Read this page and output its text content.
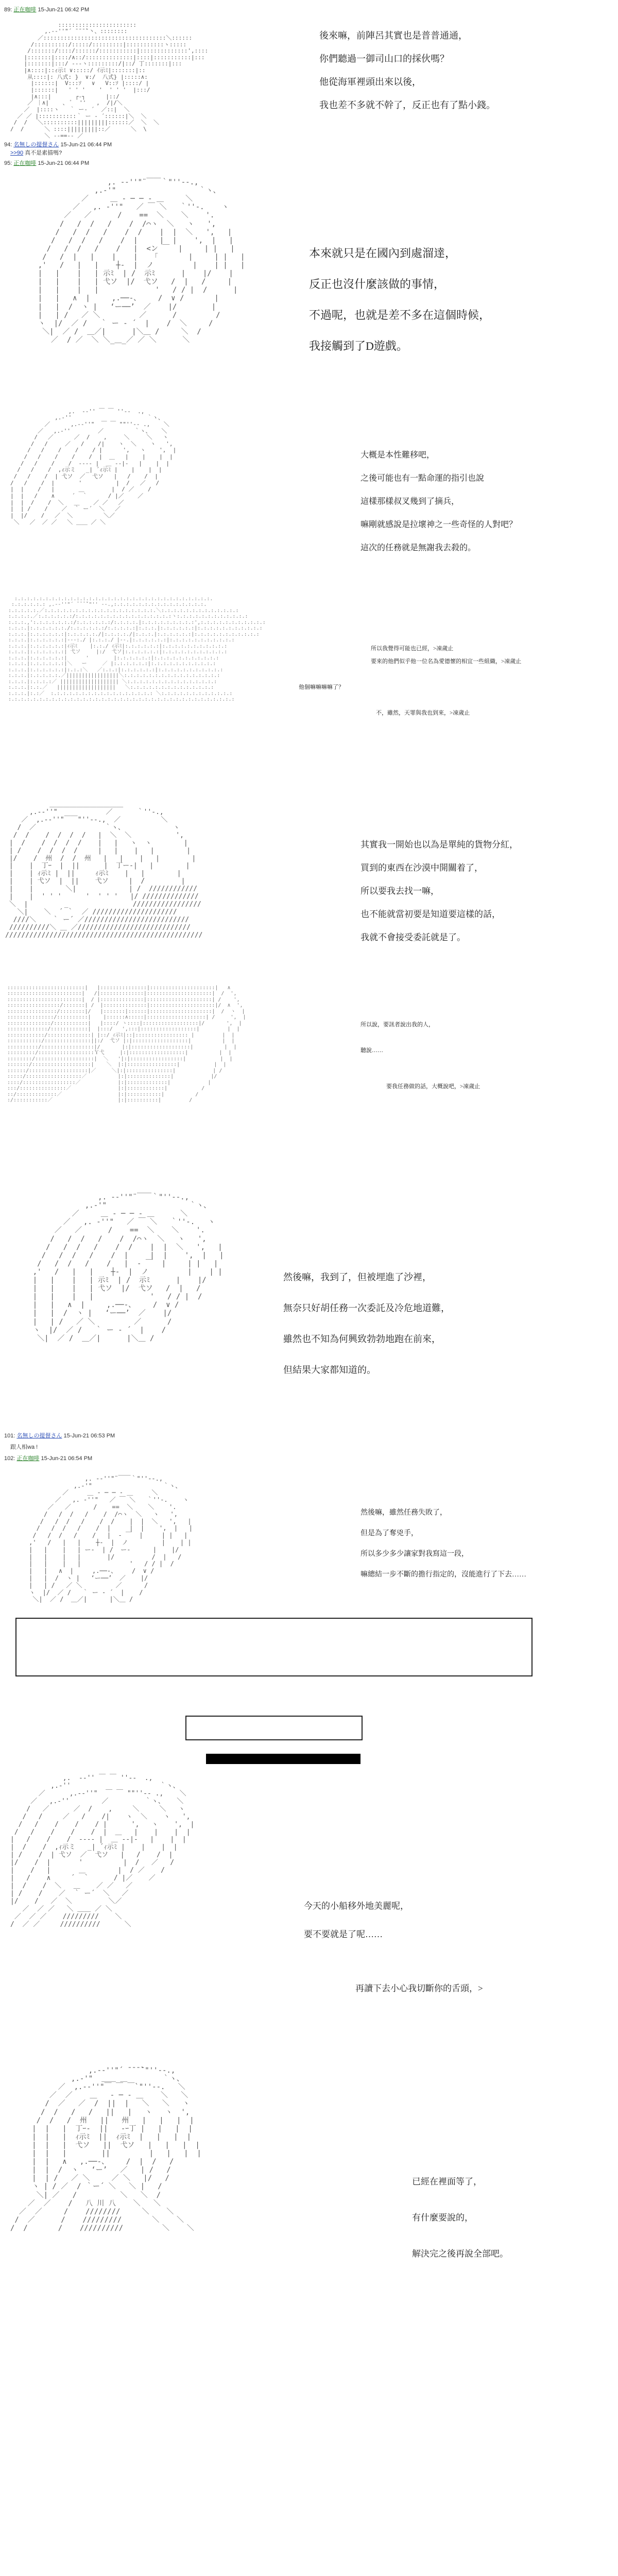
89: 正在咖啡 15-Jun-21 06:42 PM

:::::::::::::::::::::::
,.-‐''"´ ̄ ̄ ̄ ̄`丶、::::::::
／::::::::::::::::::::::::::::::::::::＼::::::
/::::::::::/:::::/:::::::::|:::::::::::ヽ:::::
/:::::::/::::/::::::/:::::::::::|::::::::::::::',::::
|:::::::|::::/∧::/::::::::::::::|::::|:::::::::::|:::
|:::::::|:::/ ‐-‐ヽ:::::::::/|::/ 丁:::::::|:::
|∧::::|::ｨ示ﾐ ∨:::::/ ｲ示ﾐ|:::::::|::
从::::|: 八式: }  ∨:/  八式} |:::::∧:
|::::::|  V:::ｿ   ∨   V::ｿ |::::/ |
|::::::|   ' ' '    '  ' ' '  |:::/
|∧:::|       ┌‐┐      |::/
／ ｜∧|    、 ﾞ  ''   ,  /|/＼
／  |::::ヽ   ｀ ー‐ ´  ／::|  ＼
／ ／ |:::::::::::｀ ー ‐ ´::::::|＼  ＼
/  /   ＼::::::::::|||||||||::::::／  ＼  ＼
/  /      ＼ ::::|||||||||::／      ＼  \
＼ ‐‐==‐‐ ／

後來嘛，前陣呂其實也是普普通通，
你們聽過一御司山口的採伙嗎？
他從海軍裡頭出來以後，
我也差不多就不幹了，反正也有了點小錢。
94: 名無しの提督さん 15-Jun-21 06:44 PM
>>90 真不是素描嗎?
95: 正在咖啡 15-Jun-21 06:44 PM

,. -‐''"¨￣￣｀"''‐-.,
,.‐'"                   ｀ヽ、
／     ＿ ‐ ─ ─ ‐ ＿     ＼
／   ,. ‐''"   ／ ￣ ＼   ｀''‐.    ヽ
／   ／      /    ==  ＼    ＼    '.
/   /  /   /    /  /⌒ヽ  ＼   ヽ   ',
/   /  /   /    /  /    |  |  ＼   ',   |
/   /  /   /    /  |     |  |    ',  |   |
/   /  /   /    /   |  <ン ￣  |     | |   |
/   /  |   |    |    |   「       |     | |   |
,'   /   |   |    ┼‐  |  ノ         |    | |   |
|   |    |   | 示ﾐ  | /  示ﾐ      |    |/    |
|   |    |   | 弋ソ  |/  弋ソ   /  |   /     |
|   |    |   |             '   / / |  /      |
|   |   ∧  |     ,.──‐、    /  ∨ /       |
|   |  /  ヽ |   ‘ー──’  ／    |/        |
|   | /   ／ ＼         ／      /         /
ヽ  |/  ／ /   ｀ ー ‐ ´  |    /  ＼     /
＼|  ／ /  ＿／|      |＼＿ /     ＼  /
／  / ／  ＼ ＼_＿_／ ／ ＼      ＼

本來就只是在國內到處溜達，
反正也沒什麼該做的事情，
不過呢，也就是差不多在這個時候，
我接觸到了D遊戲。

,.  -‐'' ￣ ￣ ''‐-  .,
,.‐''                      ｀ヽ、
／      ,.-‐''"  ￣ ￣ ""''‐- .,    ＼
／   ,.‐''        ／         ｀ヽ、   ＼
/   ／      ／  /    ,     ＼     ＼   ヽ
/   /     ／   /    /|    ヽ  ＼    ヽ   ',
/   /    /    /    / |      ',   ヽ    ',  |
/   /    /    /    /  |  ＿   |    |    |  |
/   /    /    /  ‐‐-‐ |  ＿ ‐-|‐   |    |  |
/   /    /  ,ｨ示ミ   _| ´ｨ示ﾐ |    |    |  |
/   /    /  | 弋ソ  ／  弋ソ   |   /    /  |
/   /    /  |       '          |  /   ／   /
|  |    /   |       ＿        |  / ／    /
|  |   /    ∧     ´  ｀      / |／    ／
|  |  /    /  ＼   ＿    ／ ／   ／
|  | /    /    ／  ｀ ー´  ＼   ／
|  |/    /   ／  ＼         ＼／
＼   ／  ／ ／   ＼ ＿＿ ／ ＼

大概是本性難移吧，
之後可能也有一點命運的指引也說
這樣那樣叔叉幾到了摘兵，
嘛剛就感說是拉壞神之一些奇怪的人對吧？
這次的任務就是無謝我去殺的。

:.:.:.:.:.:.:.:.:.:.:.:.:.:.:.:.:.:.:.:.:.:.:.:.:.:.:.:.:.:.:.:.
:.:.:.:.:.: ,.-‐''"´ ̄ ̄ ̄ ̄`"'' ‐-.,:.:.:.:.:.:.:.:.:.:.:.:.:.:.:.
:.:.:.:.:.／:.:.:.:.:.:.:.:.:.:.:.:.:.:.:.:.:.:.＼:.:.:.:.:.:.:.:.:.:.:.:.:
:.:.:.:.／:.:.:.:.:.:/:.:.:.:.:.:.:.:.:.:.:.:.:.:.:.:ヽ:.:.:.:.:.:.:.:.:.:.:.:
:.:.:.,':.:.:.:.:.:.:/:.:.:.:.:.:/:.:.:.:.|:.:.:.:.:.:.:.:.:',:.:.:.:.:.:.:.:.:.:.:
:.:.:.|:.:.:.:.:.:./:.:.:.:.:.:/:.:.:.:.:|:.:.:.|:.:.:.:.:.:|:.:.:.:.:.:.:.:.:.:.:
:.:.:.|:.:.:.:.:.:|:.:.:.:.:./|:.:.:.:./|:.:.:.|:.:.:.:.:.:|:.:.:.:.:.:.:.:.:.:.:
:.:.:.|:.:.:.:.:.:|‐-‐:./ |:.:.:./ |‐-.|:.:.:.:.:.:|:.:.:.:.:.:.:.:.:.:.:
:.:.:.|:.:.:.:.:.:|ｨ示ﾐ    |:.:./ ｨ示ﾐ|:.:.:.:.:.:|:.:.:.:.:.:.:.:.:.:.:
:.:.:.|:.:.:.:.:.:| 弋ソ     |:/  弋ソ|:.:.:.:.:.:|:.:.:.:.:.:.:.:.:.:.:
:.:.:.|:.:.:.:.:.:|      '        |:.:.:.:.:.:|:.:.:.:.:.:.:.:.:.:.:
:.:.:.|:.:.:.:.:.:|＼   ー     ／ |:.:.:.:.:.:|:.:.:.:.:.:.:.:.:.:.:
:.:.:.|:.:.:.:.:.:|:.:.:＼   ／:.:.:|:.:.:.:.:.:|:.:.:.:.:.:.:.:.:.:.:
:.:.:.|:.:.:.:.:.／|||||||||||||||||＼:.:.:.:.:.:.:.:.:.:.:.:.:.:.:.:
:.:.:.|:.:.:.:／ ||||||||||||||||||| ＼:.:.:.:.:.:.:.:.:.:.:.:.:.:.:
:.:.:.|:.:.／   |||||||||||||||||||   ＼:.:.:.:.:.:.:.:.:.:.:.:.:.:
:.:.:.|:.:／  :.:.:.:.:.:.:.:.:.:.:.:.:.:.:.:.: ＼:.:.:.:.:.:.:.:.:.:.:.:
:.:.:.:.:.:.:.:.:.:.:.:.:.:.:.:.:.:.:.:.:.:.:.:.:.:.:.:.:.:.:.:.:.:.:.:.:

所以我覺得可能也已經，>凍歲止
要來的他們似乎他一位名為愛德懷的相宜一些組織，>凍歲止
他個嘛嘛嘛嘛了？
不，雖然，天罪與我也到來，>凍歲止

＿＿＿＿＿＿＿＿＿＿＿
,.-‐''"            ／      ｀''‐.,
／  ,.-‐''"￣￣"''‐-.,  ／          ＼
/  ／                 ｀ヽ、            ヽ
/  /    /  /  /  /   |  ＼  ＼           ',
|  /    /  /  /  /    |   |   ヽ  ヽ        |
| /    /  /  /  /     |   |    |   |        |
|/    /  州  /  /  州   |   |    |   |        |
|    |  丁ｰ  |  ||      |  丁ー-|   |        |
|    | ｨ示ﾐ |  ||     ｨ示ﾐ    |   |        |
|    | 弋ソ  |  ||    弋ソ     |  /         |
|    |        ＼|             | /  ////////////
|    |  ' ' '      '  ' ' '   |/ //////////////
＼  |         _                /////////////////
＼|    ＼  ´ ｀  ／ /////////////////////
////＼    ｀ ー´ ／//////////////////////////
//////////＼ ＿ ／////////////////////////////
/////////////////////////////////////////////////

其實我一開始也以為是單純的貨物分紅，
買到的東西在沙漠中開關着了，
所以要我去找一嘛，
也不能就當初要是知道要這樣的話，
我就不會接受委託就是了。

:::::::::::::::::::::::::|   |:::::::::::::::|:::::::::::::::::::::|   ∧
::::::::::::::::::::::::|   /|::::::::::::::|:::::::::::::::::::::|  /  ',
::::::::::::::::::::::::|  / |::::::::::::::|:::::::::::::::::::::| /    ',
:::::::::::::::::/:::::::| /  |::::::::::::::|:::::::::::::::::::::|/  ∧  ',
::::::::::::::::/::::::::|/   |:::::::|::::::|::::::::::::::::::::|  /  ヽ  |
:::::::::::::::/::::::::::|    |::::::∧:::::|:::::::::::::::::::| /     ',  |
::::::::::::::/:::::::::::|   |::::/ ヽ::::|::::::::::::::::::|/       ',  |
:::::::::::::/::::::::::::|  |:::/   ',:::|::::::::::::::::::|         |  |
::::::::::::/::::::::::::::| |::/ ｨ示ﾐ|::|::::::::::::::::: |         |  |
:::::::::::/:::::::::::::::||:/  弋ソ |:|::::::::::::::::::|          |  |
::::::::::/:::::::::::::::::|/       |:|:::::::::::::::::::|          |  |
:::::::::/::::::::::::::::::Ｙ弋     |:|::::::::::::::::::|          |  |
::::::::/:::::::::::::::::::|  ＼   '|:|:::::::::::::::::|           |  |
:::::::/:::::::::::::::::::|    ＼  |:|::::::::::::::::|           |  |
::::::/:::::::::::::::::::|／     ＼|:|:::::::::::::::|            | /
:::::/::::::::::::::::::／          |:|::::::::::::::|            |/
::::/:::::::::::::::::／            |:|:::::::::::::|            |
:::/:::::::::::::::／               |:|::::::::::::|           /
::/:::::::::::::／                  |:|:::::::::::|          /
:/:::::::::::／                     |:|::::::::::|         /

所以說，要訊者說出我的人，
聽說……
要我任務做的話，大概說吧，>凍歲止

,. -‐''"¨￣￣｀"''‐-.,
,.‐'"                   ｀ヽ、
／     ＿ ‐ ─ ─ ‐ ＿      ＼
／   ,. ‐''"   ／ ￣ ＼   ｀''‐.   ヽ
／   ／      /    ==  ＼    ＼    '.
/   /  /   /    /  /⌒ヽ  ＼   ヽ   ',
/   /  /   /    /  /    |  |  ＼   ',   |
/   /  /   /    /  |     |  |    ',  |   |
/   /  /   /    /   |  ‐ ￣  |     | |   |
,'   /   |   |    ┼‐  |  ノ         |    | |
|   |    |   | 示ﾐ  | /  示ﾐ      |    |/
|   |    |   | 弋ソ  |/  弋ソ   /  |   /
|   |    |   |             '   / / |  /
|   |   ∧  |     ,.──‐、    /  ∨ /
|   |  /  ヽ |   ‘ー──’  ／    |/
|   | /   ／ ＼         ／      /
ヽ  |/  ／ /   ｀ ー ‐ ´  |    /
＼|  ／ /  ＿／|      |＼＿ /

然後嘛，我到了，但被埋進了沙裡，
無奈只好胡任務一次委託及冷危地道難，
雖然也不知為何興致勃勃地跑在前來，
但結果大家都知道的。
101: 名無しの提督さん 15-Jun-21 06:53 PM
跟人相wa !
102: 正在咖啡 15-Jun-21 06:54 PM

,. -‐''"¨￣￣｀"''‐-.,
,.‐'"                   ｀ヽ、
／     ＿ ‐ ─ ─ ‐ ＿     ＼
／   ,. ‐''"   ／ ￣ ＼   ｀''‐.    ヽ
／   ／      /    ==  ＼    ＼    '.
/   /  /   /    /  /⌒ヽ  ＼   ヽ   ',
/   /  /   /    /  /    |  |  ＼   ',   |
/   /  /   /    /  |     |  |    ',  |   |
/   /  /   /    /   |  ‐ ￣  |     | |   |
,'   /   |   |    ┼‐  |  ノ         |    | |
|   |    |   | ー‐  | /  ー‐      |    |/
|   |    |   |       |/          /  |   /
|   |    |   |             '   / / |  /
|   |   ∧  |     ,.──‐、    /  ∨ /
|   |  /  ヽ |   ‘ー──’  ／    |/
|   | /   ／ ＼         ／      /
ヽ  |/  ／ /   ｀ ー ‐ ´  |    /
＼|  ／ /  ＿／|      |＼＿ /

然後嘛，雖然任務失敗了，
但是為了奪兇手，
所以多少多少讓家對我寫這一段，
嘛總結一步不斷的擔行指定的，沒能進行了下去……

,.  -‐'' ￣ ￣ ''‐-  .,
,.‐''                      ｀ヽ、
／      ,.-‐''"  ￣ ￣ ""''‐- .,    ＼
／   ,.‐''        ／         ｀ヽ、   ＼
/   ／      ／  /    ,     ＼     ＼   ヽ
/   /     ／   /    /|    ヽ  ＼    ヽ   ',
/   /    /    /    / |      ',   ヽ    ',  |
/   /    /    /    /  |  ＿   |    |    |  |
|   /    /    /  ‐‐-‐ |  ＿ ‐-|‐   |    |  |
|  /    /  ,ｨ示ミ   _| ´ｨ示ﾐ |    |    |  |
| /    /  | 弋ソ  ／  弋ソ   |   /    /  |
|/    /  |       '          |  /   ／   /
|    /   |       ＿        |  / ／    /
|   /    ∧     ´  ｀      / |／    ／
|  /    /  ＼   ＿    ／ ／   ／
| /    /    ／  ｀ ー´  ＼   ／
|/    /   ／  ＼         ＼／
／  ／ ／   ＼ ＿＿ ／ ＼
／  ／ ／    /////////    ＼
/  ／ ／     //////////      ＼

今天的小船移外地美麗呢，
要不要就是了呢……
再讀下去小心我切斷你的舌頭，>

,.-‐''"´ ̄ ̄ ̄ ̄`"''‐-.,
,.-'"  ＿＿ ＿        ｀ヽ、
／  ,.-‐''"￣ ￣ ￣`"''‐-.   ＼
／  ／    ＿   ‐ ─ ‐ ＿    ＼   ＼
/  ／   ／  /  ||  |   ＼   ＼   ヽ
/  /   /   /   ||   |   ヽ   ヽ  ',
/  /   /  州   ||   州   |   |   |  |
|  |   |  丁ｰ-  ||   -ｰ丁 |   |   |  |
|  |   |  ｨ示ﾐ  ||  ｨ示ﾐ  |   |   |  |
|  |   |  弋ソ   ||  弋ソ   |   |   |  |
|  |   |        ||         |   |   |  |
|  |   ∧   ,.──‐、    /  |  /   /
|  |  /  ヽ   ‘ー’   ／   | /   /
|  | /   ／ ＼     ／ ＼   |/   /
ヽ | / ／  / ｀ー´ ＼   ＼ |   /
＼| ／   /          ＼   ＼  /
／  ／    /   八 川 八    ＼   ＼
／  ／     /    ////////     ＼    ＼
/  ／      /    /////////       ＼    ＼
/  /       /    //////////         ＼    ＼

已經在裡面等了，
有什麼要說的，
解決完之後再說全部吧。
